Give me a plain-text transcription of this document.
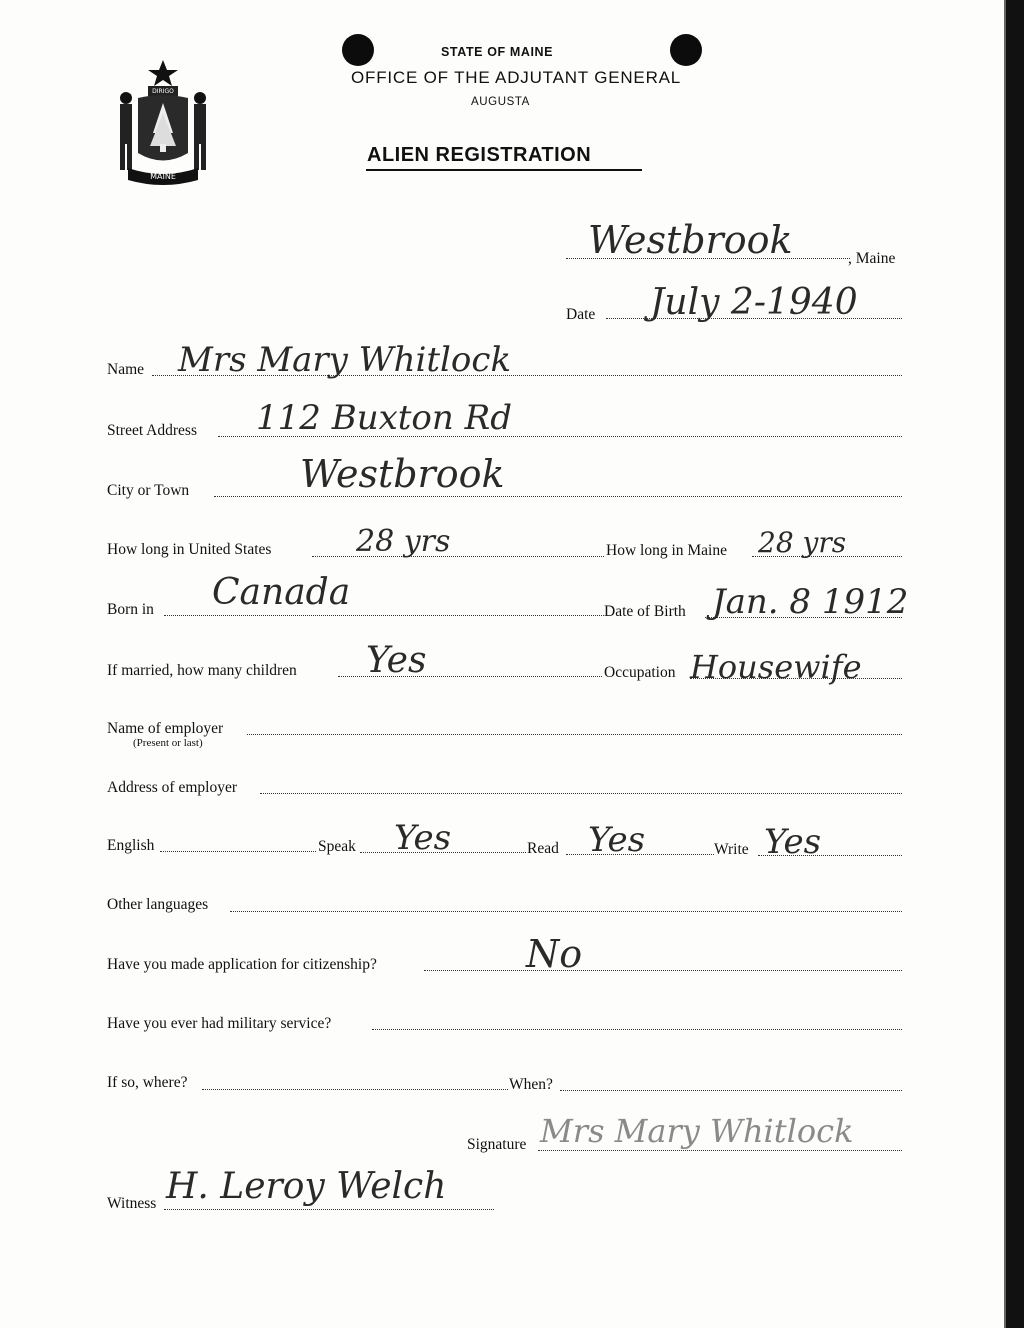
MAINE
DIRIGO
STATE OF MAINE
OFFICE OF THE ADJUTANT GENERAL
AUGUSTA
ALIEN REGISTRATION
Westbrook	, Maine
Date July 2-1940
Name Mrs Mary Whitlock
Street Address 112 Buxton Rd
City or Town	Westbrook
How long in United States	28 yrs	How long in Maine 28 yrs
Born in Canada	Date of Birth Jan. 8 1912
If married, how many children Yes	Occupation Housewife
Name of employer
(Present or last)
Address of employer
English	Speak Yes	Read Yes	Write Yes
Other languages
Have you made application for citizenship?	No
Have you ever had military service?
If so, where?	When?
Signature Mrs Mary Whitlock
Witness H. Leroy Welch
